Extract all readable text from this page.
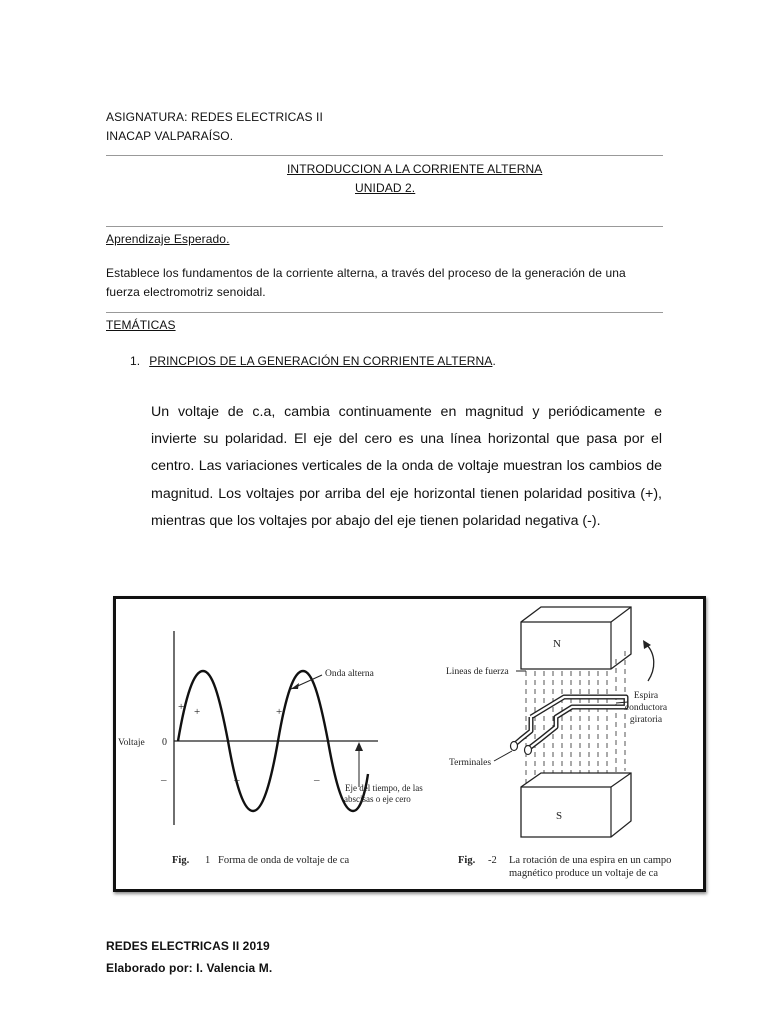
ASIGNATURA: REDES ELECTRICAS II
INACAP VALPARAÍSO.
INTRODUCCION A LA CORRIENTE ALTERNA
UNIDAD 2.
Aprendizaje Esperado.
Establece los fundamentos de la corriente alterna, a través del proceso de la generación de una
fuerza electromotriz senoidal.
TEMÁTICAS
1. PRINCPIOS DE LA GENERACIÓN EN CORRIENTE ALTERNA.
Un voltaje de c.a, cambia continuamente en magnitud y periódicamente e invierte su polaridad. El eje del cero es una línea horizontal que pasa por el centro. Las variaciones verticales de la onda de voltaje muestran los cambios de magnitud. Los voltajes por arriba del eje horizontal tienen polaridad positiva (+), mientras que los voltajes por abajo del eje tienen polaridad negativa (-).
Voltaje 0
+ +	+
–	–	–
Onda alterna
Eje del tiempo, de las
abscisas o eje cero
Fig. 1 Forma de onda de voltaje de ca
N
S
Lineas de fuerza
Terminales
Espira
conductora
giratoria
Fig. -2 La rotación de una espira en un campo
magnético produce un voltaje de ca
REDES ELECTRICAS II 2019
Elaborado por: I. Valencia M.
